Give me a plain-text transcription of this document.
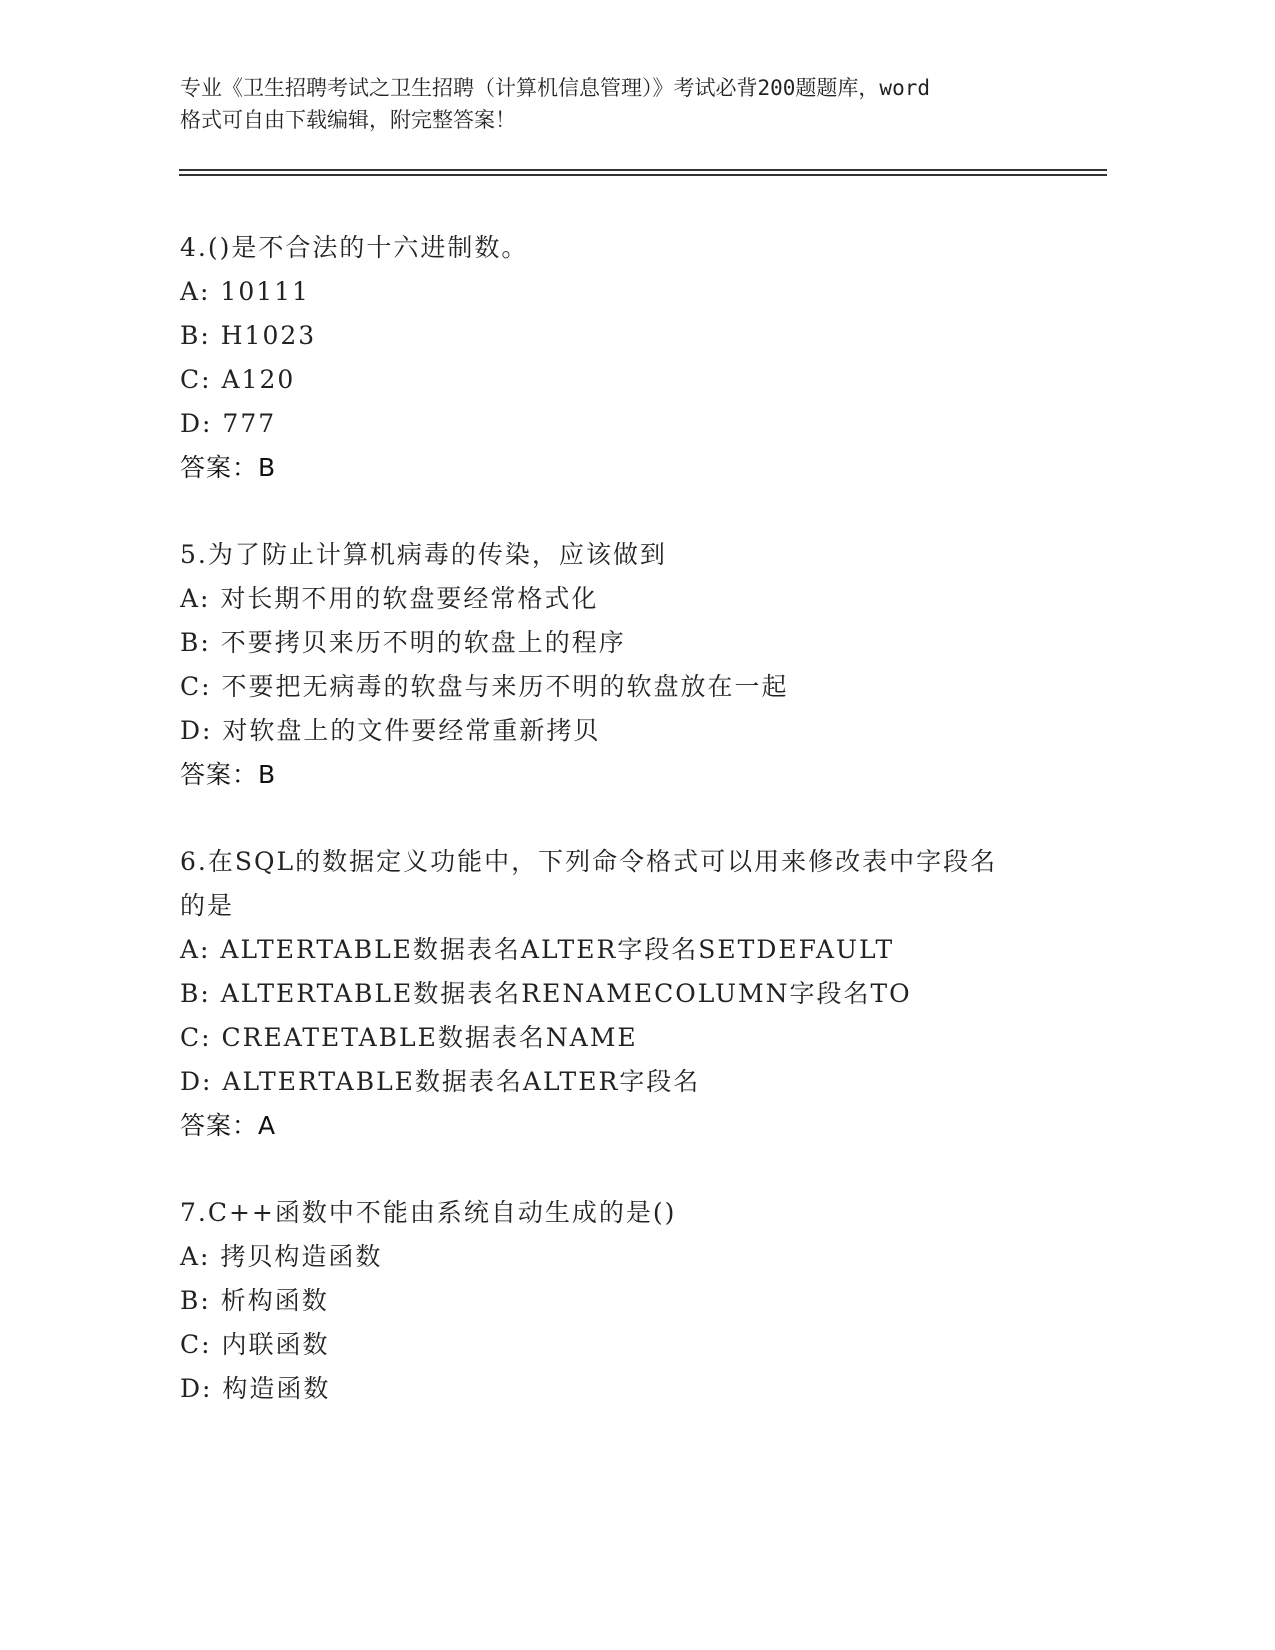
专业《卫生招聘考试之卫生招聘（计算机信息管理）》考试必背200题题库，word
格式可自由下载编辑，附完整答案！
4.()是不合法的十六进制数。
A: 10111
B: H1023
C: A120
D: 777
答案：B
5.为了防止计算机病毒的传染，应该做到
A: 对长期不用的软盘要经常格式化
B: 不要拷贝来历不明的软盘上的程序
C: 不要把无病毒的软盘与来历不明的软盘放在一起
D: 对软盘上的文件要经常重新拷贝
答案：B
6.在SQL的数据定义功能中，下列命令格式可以用来修改表中字段名的是
A: ALTERTABLE数据表名ALTER字段名SETDEFAULT
B: ALTERTABLE数据表名RENAMECOLUMN字段名TO
C: CREATETABLE数据表名NAME
D: ALTERTABLE数据表名ALTER字段名
答案：A
7.C++函数中不能由系统自动生成的是()
A: 拷贝构造函数
B: 析构函数
C: 内联函数
D: 构造函数
